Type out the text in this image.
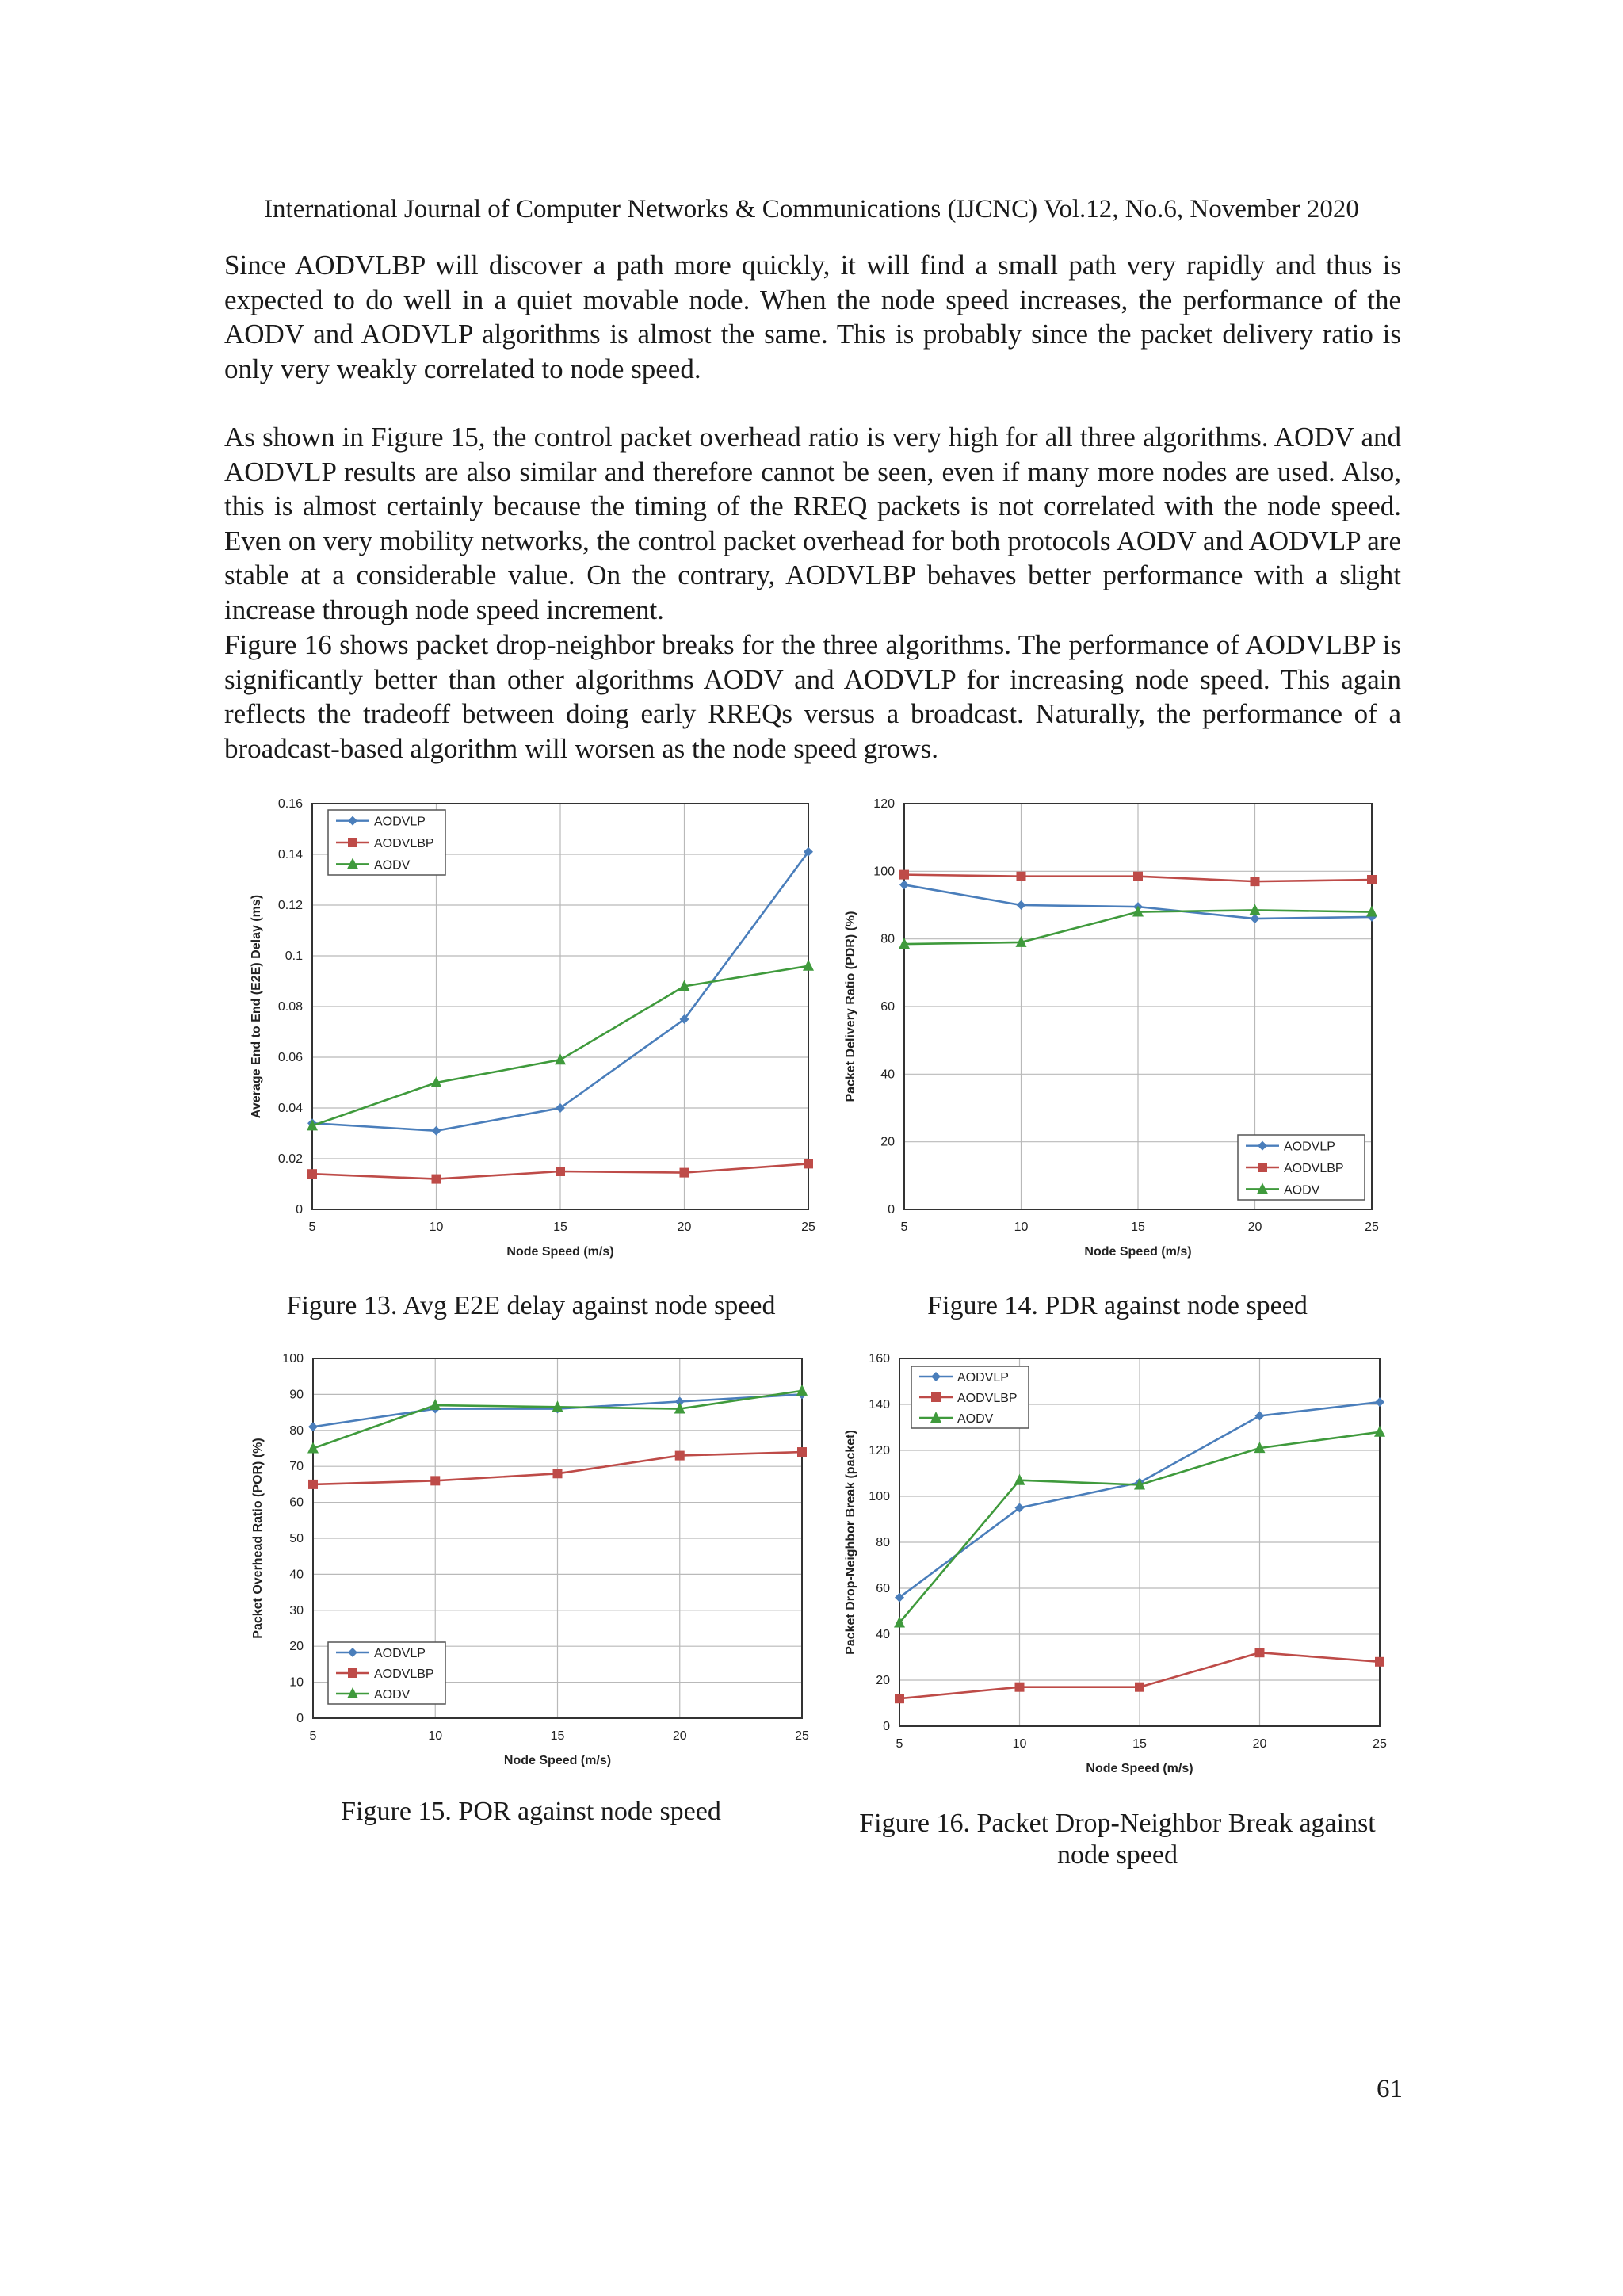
International Journal of Computer Networks & Communications (IJCNC) Vol.12, No.6, November 2020
Since AODVLBP will discover a path more quickly, it will find a small path very rapidly and thus is expected to do well in a quiet movable node. When the node speed increases, the performance of the AODV and AODVLP algorithms is almost the same. This is probably since the packet delivery ratio is only very weakly correlated to node speed.
As shown in Figure 15, the control packet overhead ratio is very high for all three algorithms. AODV and AODVLP results are also similar and therefore cannot be seen, even if many more nodes are used. Also, this is almost certainly because the timing of the RREQ packets is not correlated with the node speed. Even on very mobility networks, the control packet overhead for both protocols AODV and AODVLP are stable at a considerable value. On the contrary, AODVLBP behaves better performance with a slight increase through node speed increment.
Figure 16 shows packet drop-neighbor breaks for the three algorithms. The performance of AODVLBP is significantly better than other algorithms AODV and AODVLP for increasing node speed. This again reflects the tradeoff between doing early RREQs versus a broadcast. Naturally, the performance of a broadcast-based algorithm will worsen as the node speed grows.
0
0.02
0.04
0.06
0.08
0.1
0.12
0.14
0.16
5	10	15	20	25
Node Speed (m/s)
Average End to End (E2E) Delay (ms)
AODVLP
AODVLBP
AODV
0
20
40
60
80
100
120
5	10	15	20	25
Node Speed (m/s)
Packet Delivery Ratio (PDR) (%)
AODVLP
AODVLBP
AODV
0
10
20
30
40
50
60
70
80
90
100
5	10	15	20	25
Node Speed (m/s)
Packet Overhead Ratio (POR) (%)
AODVLP
AODVLBP
AODV
0
20
40
60
80
100
120
140
160
5	10	15	20	25
Node Speed (m/s)
Packet Drop-Neighbor Break (packet)
AODVLP
AODVLBP
AODV
Figure 13. Avg E2E delay against node speed	Figure 14. PDR against node speed
Figure 15. POR against node speed	Figure 16. Packet Drop-Neighbor Break against
node speed
61
